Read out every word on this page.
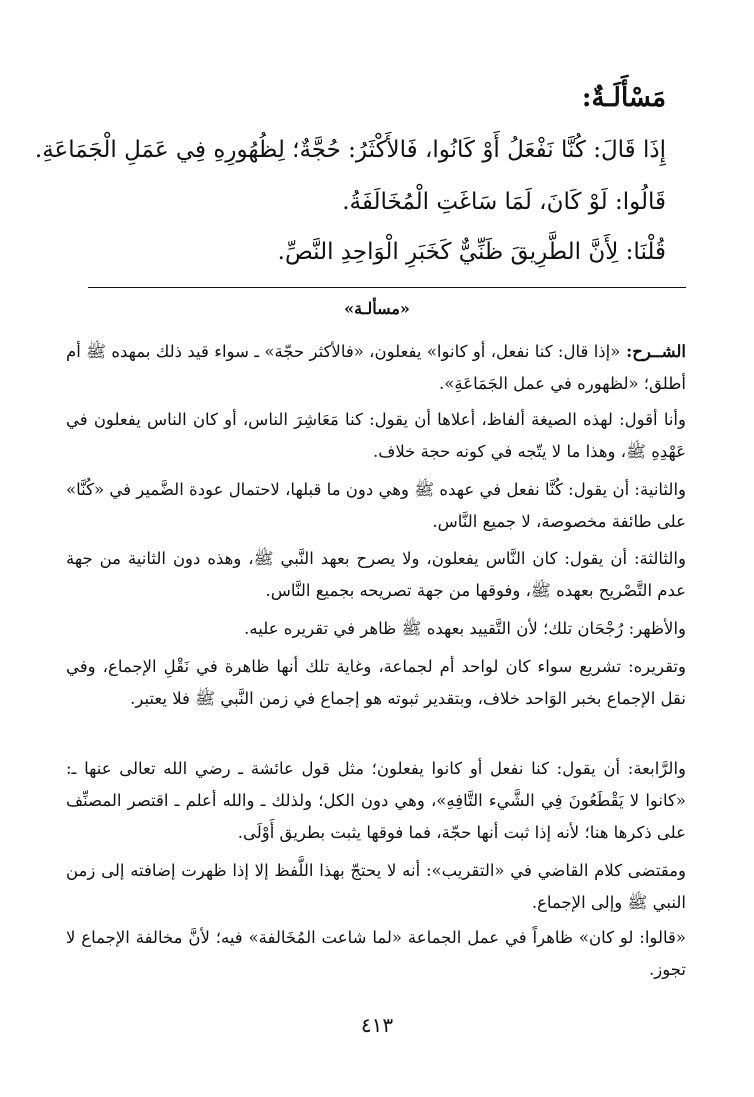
مَسْأَلَـةٌ:
إِذَا قَالَ: كُنَّا نَفْعَلُ أَوْ كَانُوا، فَالأَكْثَرُ: حُجَّةٌ؛ لِظُهُورِهِ فِي عَمَلِ الْجَمَاعَةِ.
قَالُوا: لَوْ كَانَ، لَمَا سَاغَتِ الْمُخَالَفَةُ.
قُلْنَا: لِأَنَّ الطَّرِيقَ ظَنِّيٌّ كَخَبَرِ الْوَاحِدِ النَّصِّ.
«مسألـة»
الشــرح: «إذا قال: كنا نفعل، أو كانوا» يفعلون، «فالأكثر حجّة» ـ سواء قيد ذلك بمهده ﷺ أم أطلق؛ «لظهوره في عمل الجَمَاعَةِ».
وأنا أقول: لهذه الصيغة ألفاظ، أعلاها أن يقول: كنا مَعَاشِرَ الناس، أو كان الناس يفعلون في عَهْدِهِ ﷺ، وهذا ما لا يتّجه في كونه حجة خلاف.
والثانية: أن يقول: كُنَّا نفعل في عهده ﷺ وهي دون ما قبلها، لاحتمال عودة الضَّمير في «كُنَّا» على طائفة مخصوصة، لا جميع النَّاس.
والثالثة: أن يقول: كان النَّاس يفعلون، ولا يصرح بعهد النَّبي ﷺ، وهذه دون الثانية من جهة عدم التَّصْريح بعهده ﷺ، وفوقها من جهة تصريحه بجميع النَّاس.
والأظهر: رُجْحَان تلك؛ لأن التَّقييد بعهده ﷺ ظاهر في تقريره عليه.
وتقريره: تشريع سواء كان لواحد أم لجماعة، وغاية تلك أنها ظاهرة في نَقْلِ الإجماع، وفي نقل الإجماع بخبر الوَاحد خلاف، وبتقدير ثبوته هو إجماع في زمن النَّبي ﷺ فلا يعتبر.
والرَّابعة: أن يقول: كنا نفعل أو كانوا يفعلون؛ مثل قول عائشة ـ رضي الله تعالى عنها ـ: «كانوا لا يَقْطَعُونَ فِي الشَّيء التَّافِهِ»، وهي دون الكل؛ ولذلك ـ والله أعلم ـ اقتصر المصنِّف على ذكرها هنا؛ لأنه إذا ثبت أنها حجّة، فما فوقها يثبت بطريق أَوْلَى.
ومقتضى كلام القاضي في «التقريب»: أنه لا يحتجّ بهذا اللَّفظ إلا إذا ظهرت إضافته إلى زمن النبي ﷺ وإلى الإجماع.
«قالوا: لو كان» ظاهراً في عمل الجماعة «لما شاعت المُخَالفة» فيه؛ لأنَّ مخالفة الإجماع لا تجوز.
٤١٣
